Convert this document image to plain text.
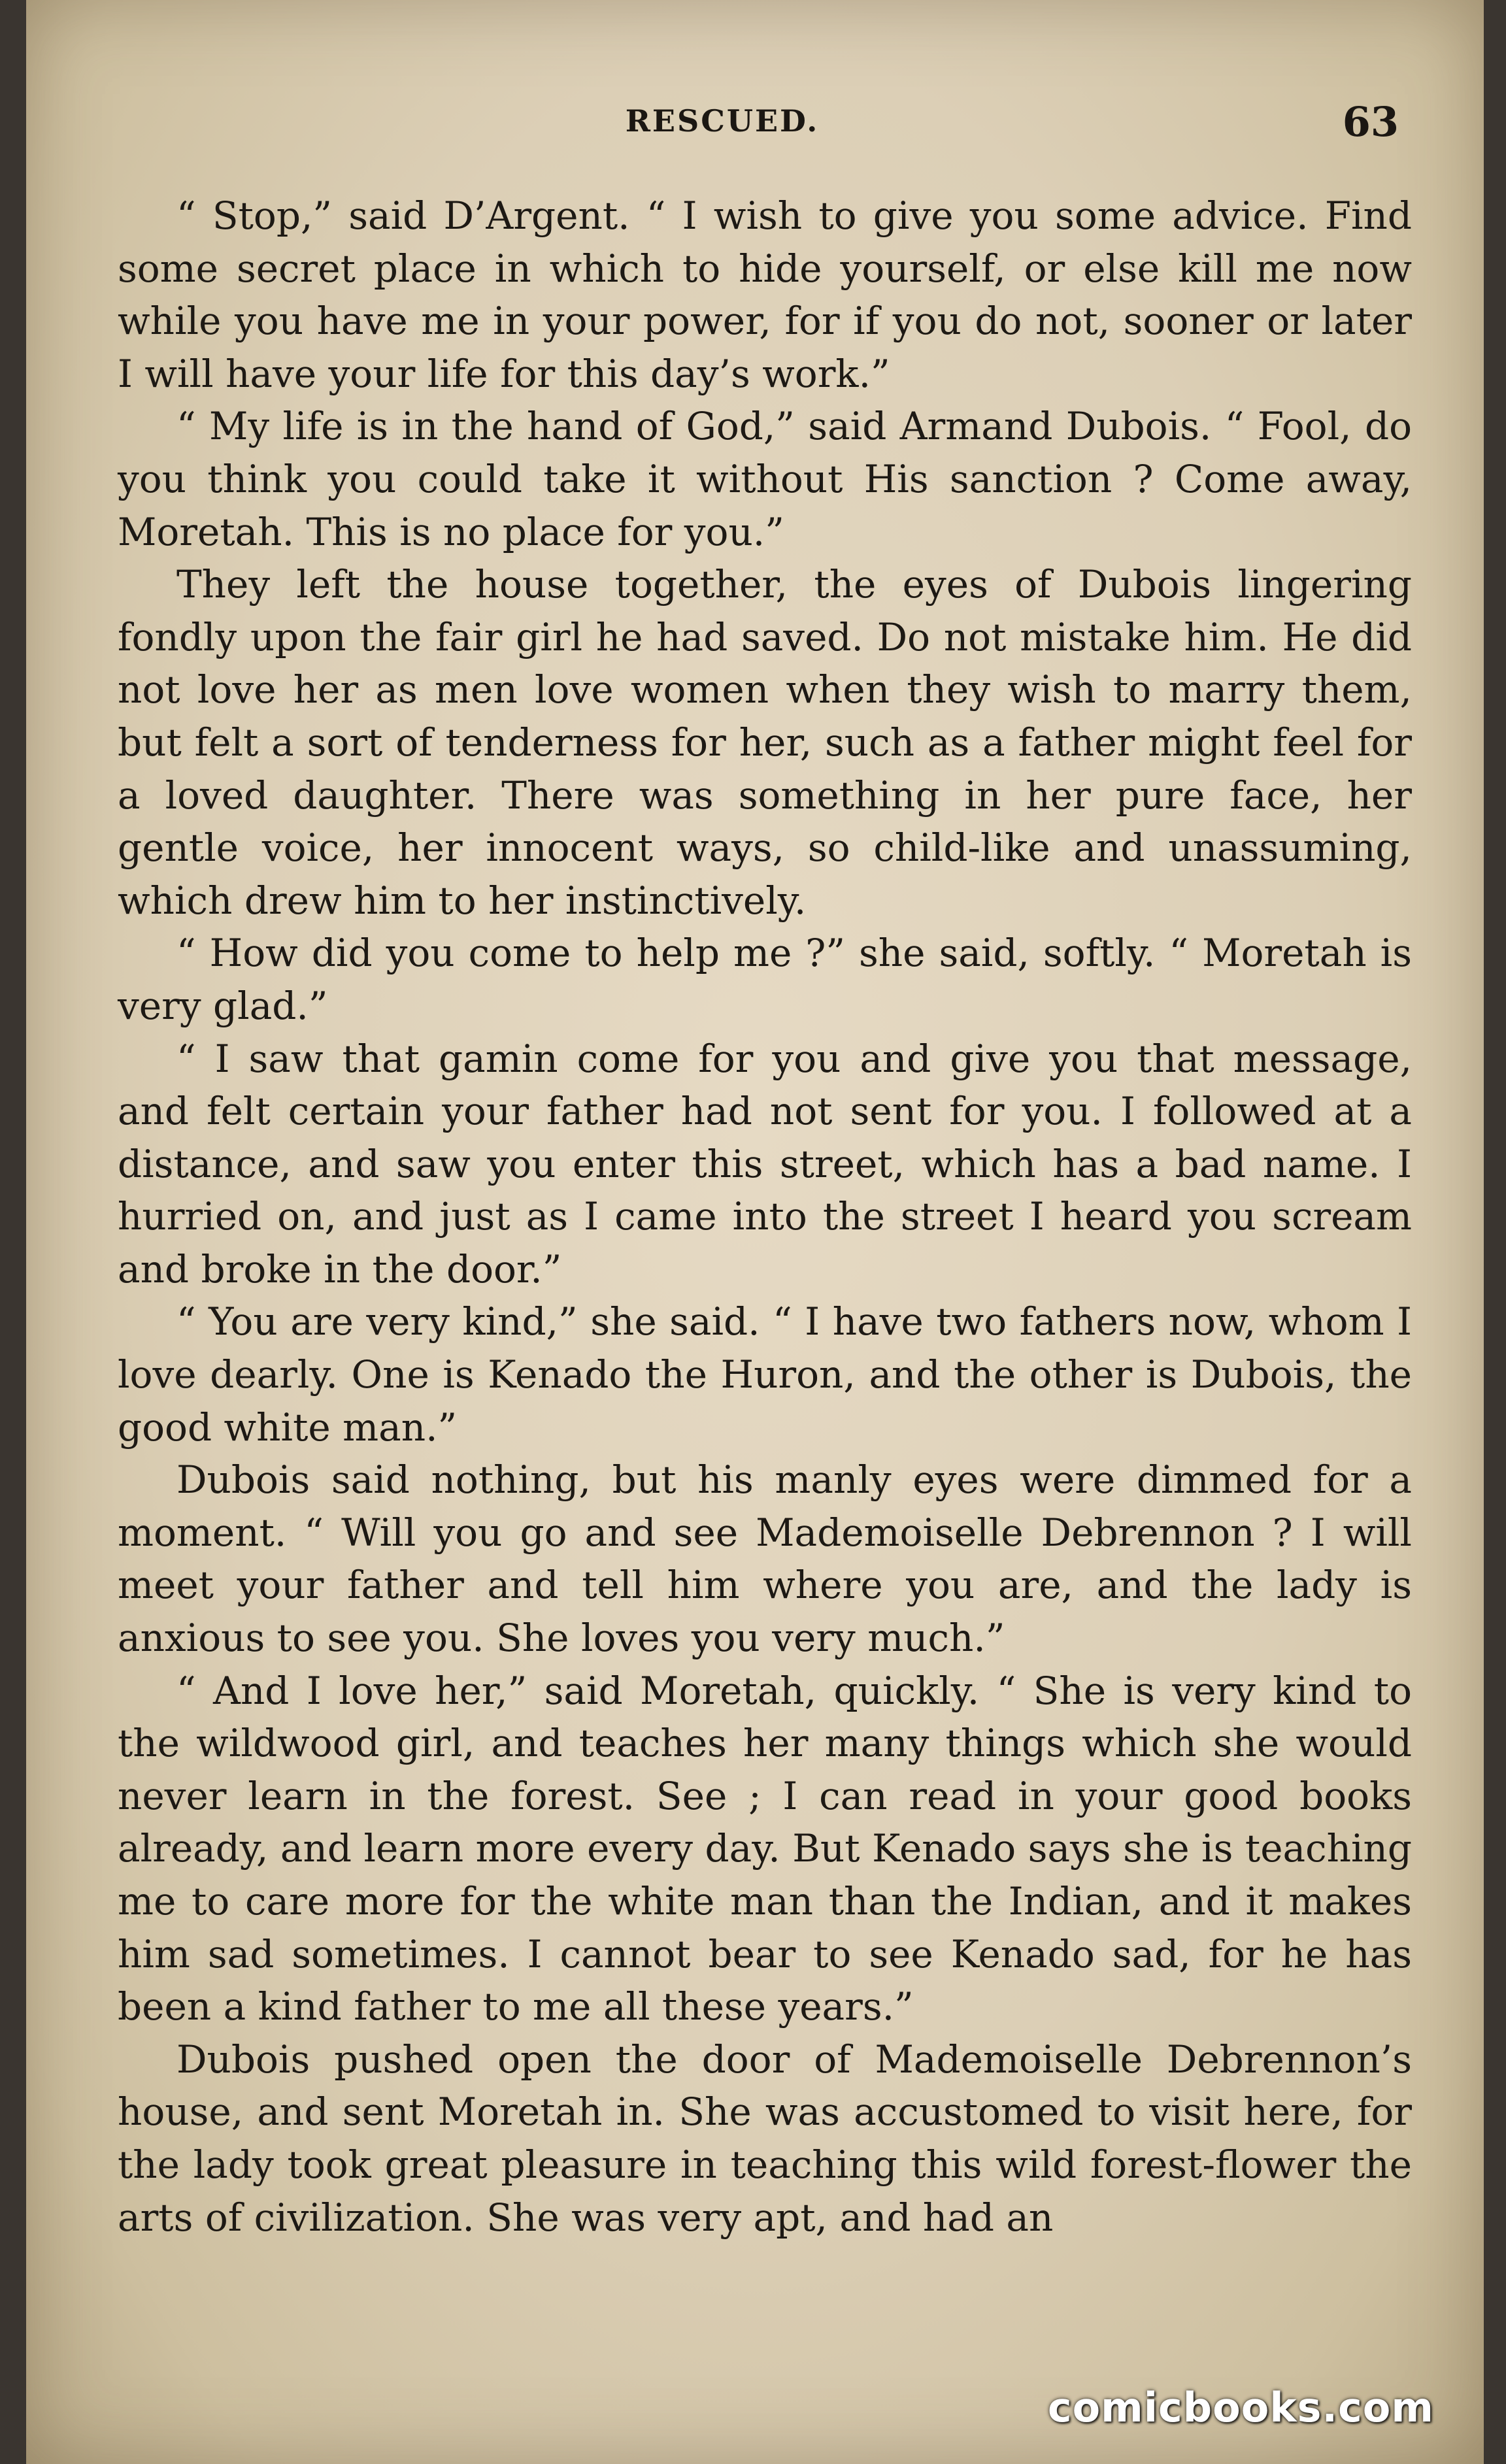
RESCUED.	63

“ Stop,” said D’Argent. “ I wish to give you some advice. Find some secret place in which to hide yourself, or else kill me now while you have me in your power, for if you do not, sooner or later I will have your life for this day’s work.”

“ My life is in the hand of God,” said Armand Dubois. “ Fool, do you think you could take it without His sanction ? Come away, Moretah. This is no place for you.”

They left the house together, the eyes of Dubois lingering fondly upon the fair girl he had saved. Do not mistake him. He did not love her as men love women when they wish to marry them, but felt a sort of tenderness for her, such as a father might feel for a loved daughter. There was something in her pure face, her gentle voice, her innocent ways, so child-like and unassuming, which drew him to her instinctively.

“ How did you come to help me ?” she said, softly. “ Moretah is very glad.”

“ I saw that gamin come for you and give you that message, and felt certain your father had not sent for you. I followed at a distance, and saw you enter this street, which has a bad name. I hurried on, and just as I came into the street I heard you scream and broke in the door.”

“ You are very kind,” she said. “ I have two fathers now, whom I love dearly. One is Kenado the Huron, and the other is Dubois, the good white man.”

Dubois said nothing, but his manly eyes were dimmed for a moment. “ Will you go and see Mademoiselle Debrennon ? I will meet your father and tell him where you are, and the lady is anxious to see you. She loves you very much.”

“ And I love her,” said Moretah, quickly. “ She is very kind to the wildwood girl, and teaches her many things which she would never learn in the forest. See ; I can read in your good books already, and learn more every day. But Kenado says she is teaching me to care more for the white man than the Indian, and it makes him sad sometimes. I cannot bear to see Kenado sad, for he has been a kind father to me all these years.”

Dubois pushed open the door of Mademoiselle Debrennon’s house, and sent Moretah in. She was accustomed to visit here, for the lady took great pleasure in teaching this wild forest-flower the arts of civilization. She was very apt, and had an

comicbooks.com
